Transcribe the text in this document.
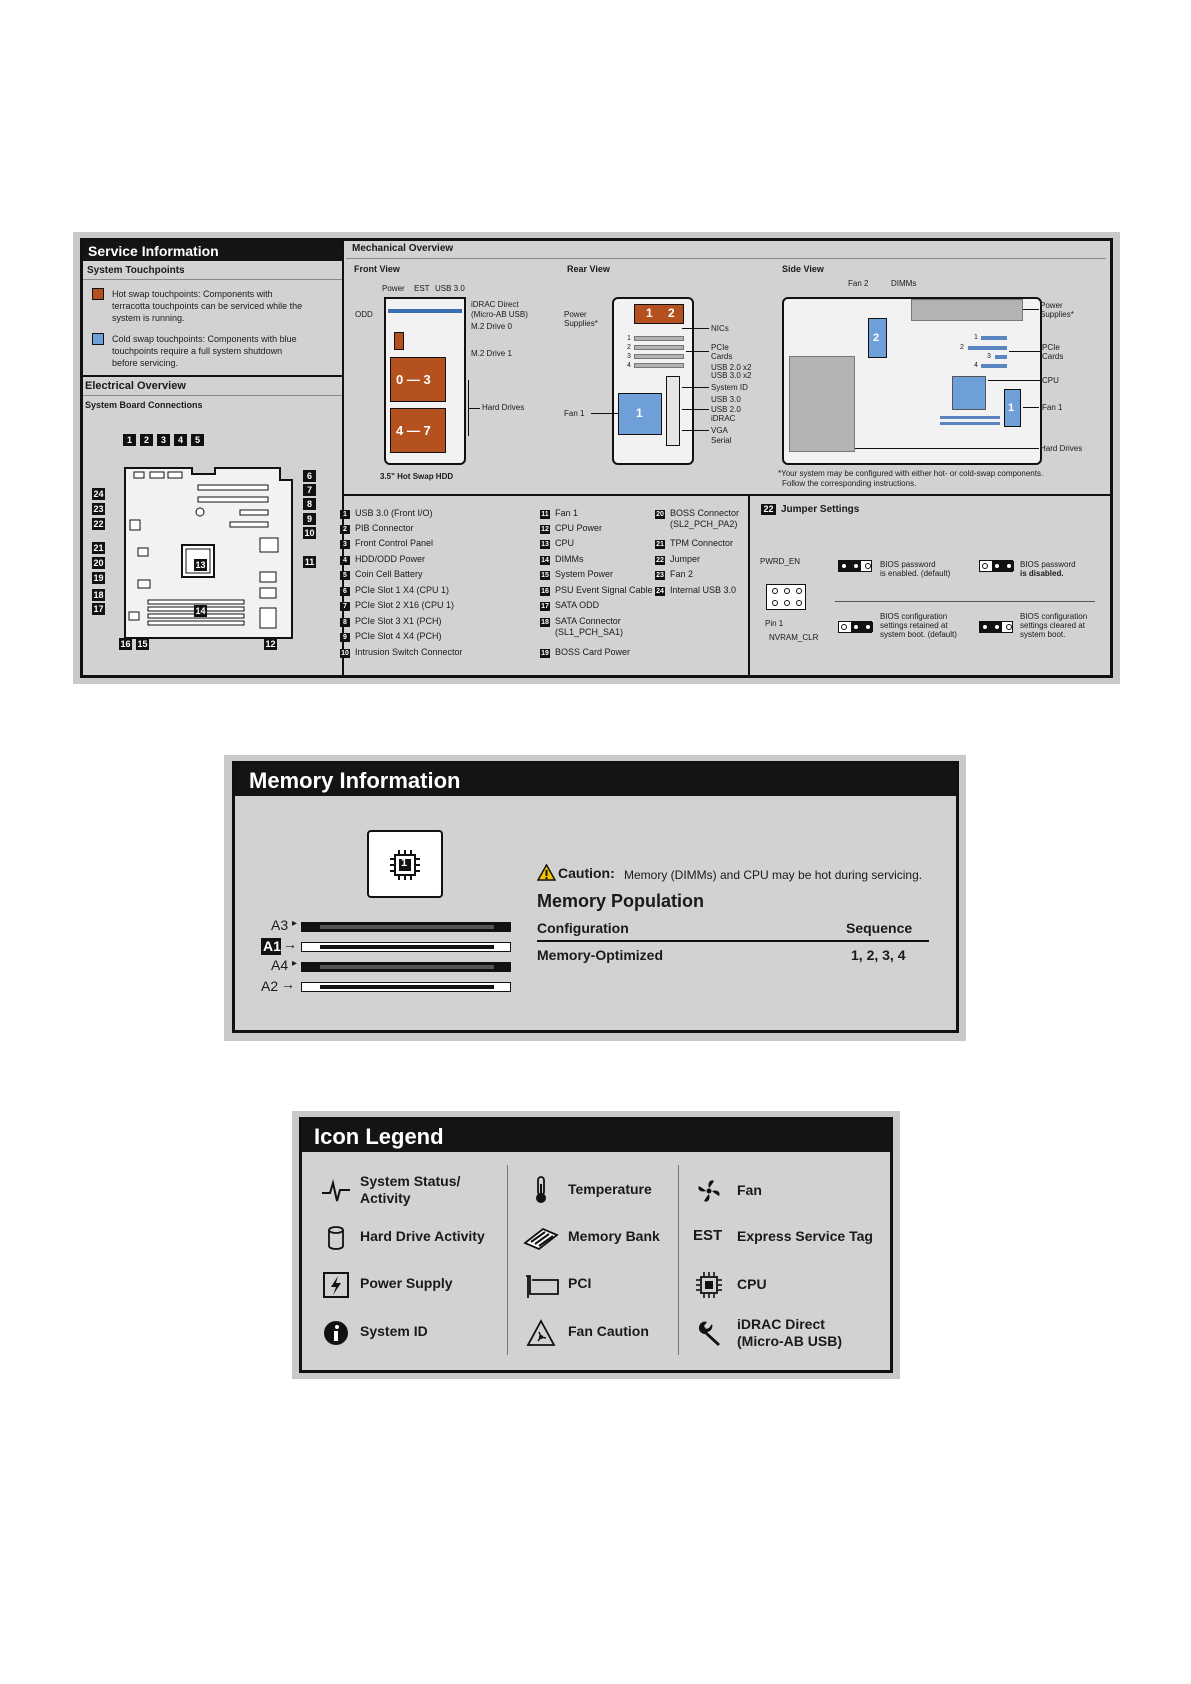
Service Information
System Touchpoints
Hot swap touchpoints: Components with
terracotta touchpoints can be serviced while the
system is running.
Cold swap touchpoints: Components with blue
touchpoints require a full system shutdown
before servicing.
Electrical Overview
System Board Connections
1	2	3	4	5
6
7
8
9
10
11
12
13
14
15
16
17
18
19
20
21
22
23
24
Mechanical Overview
Front View
Power EST USB 3.0
ODD
iDRAC Direct
(Micro-AB USB)
M.2 Drive 0
M.2 Drive 1
Hard Drives
0 — 3
4 — 7
3.5" Hot Swap HDD
Rear View
Power
Supplies*
1 2
1
2
3
4
1
Fan 1
NICs
PCIe
Cards
USB 2.0 x2
USB 3.0 x2
System ID
USB 3.0
USB 2.0
iDRAC
VGA
Serial
Side View
Fan 2	DIMMs
2	1
2
3
4
1
Power
Supplies*
PCIe
Cards
CPU
Fan 1
Hard Drives
*Your system may be configured with either hot- or cold-swap components.
Follow the corresponding instructions.
1 USB 3.0 (Front I/O)
2 PIB Connector
3 Front Control Panel
4 HDD/ODD Power
5 Coin Cell Battery
6 PCIe Slot 1 X4 (CPU 1)
7 PCIe Slot 2 X16 (CPU 1)
8 PCIe Slot 3 X1 (PCH)
9 PCIe Slot 4 X4 (PCH)
10 Intrusion Switch Connector
11 Fan 1
12 CPU Power
13 CPU
14 DIMMs
15 System Power
16 PSU Event Signal Cable
17 SATA ODD
18 SATA Connector
(SL1_PCH_SA1)
19 BOSS Card Power
20 BOSS Connector
(SL2_PCH_PA2)
21 TPM Connector
22 Jumper
23 Fan 2
24 Internal USB 3.0
22 Jumper Settings
PWRD_EN
Pin 1
NVRAM_CLR
BIOS password
is enabled. (default)
BIOS password
is disabled.
BIOS configuration
settings retained at
system boot. (default)
BIOS configuration
settings cleared at
system boot.
Memory Information
1
A3 ▸
A1 →
A4 ▸
A2 →
Caution: Memory (DIMMs) and CPU may be hot during servicing.
Memory Population
Configuration	Sequence
Memory-Optimized	1, 2, 3, 4
Icon Legend
System Status/
Activity
Hard Drive Activity
Power Supply
System ID
Temperature
Memory Bank
PCI
Fan Caution
EST
Fan
Express Service Tag
CPU
iDRAC Direct
(Micro-AB USB)
